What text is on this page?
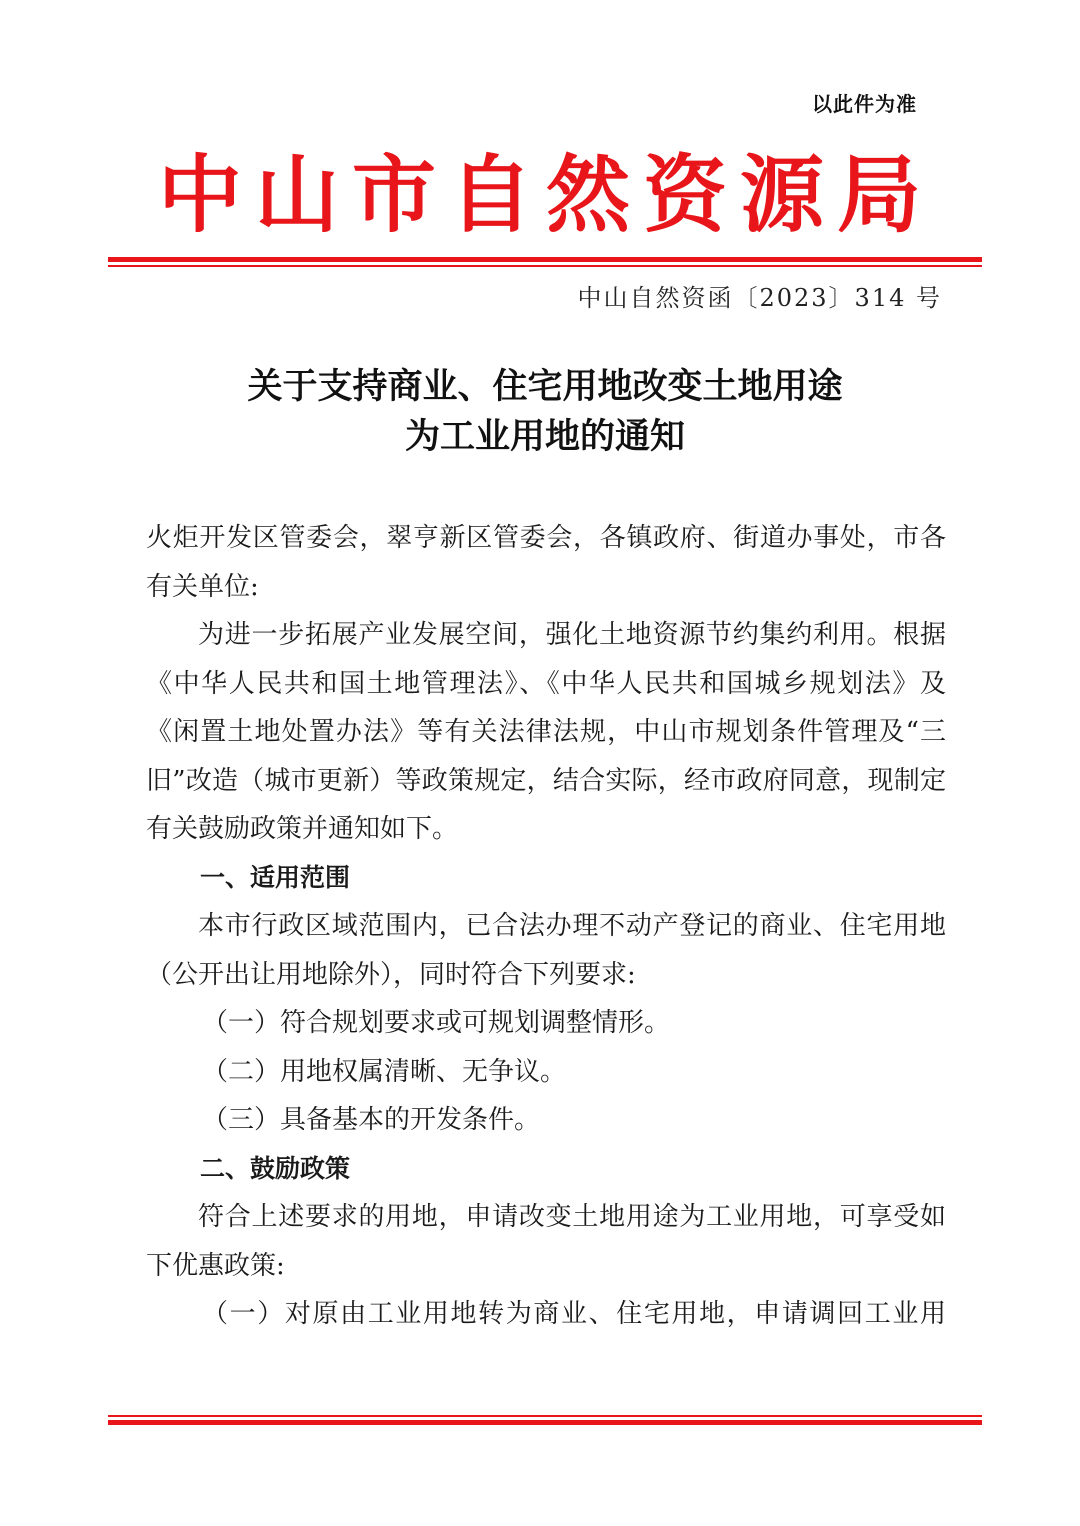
以此件为准
中山市自然资源局
中山自然资函〔2023〕314 号
关于支持商业、住宅用地改变土地用途
为工业用地的通知

火炬开发区管委会，翠亨新区管委会，各镇政府、街道办事处，市各有关单位:

为进一步拓展产业发展空间，强化土地资源节约集约利用。根据《中华人民共和国土地管理法》、《中华人民共和国城乡规划法》及《闲置土地处置办法》等有关法律法规，中山市规划条件管理及“三旧”改造（城市更新）等政策规定，结合实际，经市政府同意，现制定有关鼓励政策并通知如下。

一、适用范围

本市行政区域范围内，已合法办理不动产登记的商业、住宅用地（公开出让用地除外），同时符合下列要求:

（一）符合规划要求或可规划调整情形。

（二）用地权属清晰、无争议。

（三）具备基本的开发条件。

二、鼓励政策

符合上述要求的用地，申请改变土地用途为工业用地，可享受如下优惠政策:

（一）对原由工业用地转为商业、住宅用地，申请调回工业用
